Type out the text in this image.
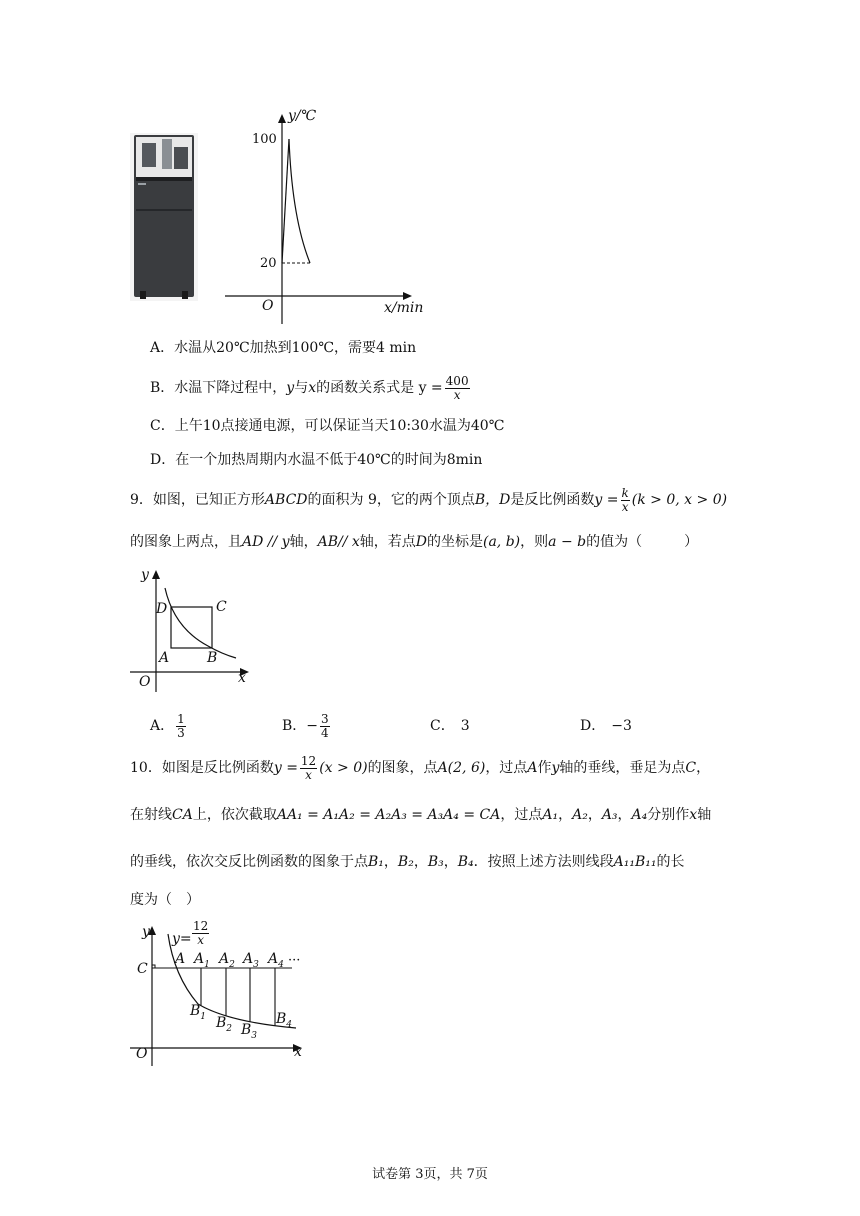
y/℃
100
20
O	x/min
A．水温从20℃加热到100℃，需要4 min
B． 水温下降过程中， y 与 x 的函数关系式是 $y = \frac{400}{x}$
C．上午10点接通电源，可以保证当天10:30水温为40℃
D．在一个加热周期内水温不低于40℃的时间为8min
9．如图，已知正方形 ABCD 的面积为 9，它的两个顶点 B，D 是反比例函数 $y = \frac{k}{x} (k > 0$, x > 0)
的图象上两点，且AD // y轴，AB// x轴，若点D的坐标是(a, b)，则a − b的值为（　　　）
y
D	C
A	B
O	x
A． $\frac{1}{3}$	B． − $\frac{3}{4}$	C． 3	D． −3
10．如图是反比例函数 $y = \frac{12}{x} (x > 0)$ 的图象，点 A(2, 6) ，过点 A 作 y 轴的垂线，垂足为点 C ，
在射线CA上，依次截取AA₁ = A₁A₂ = A₂A₃ = A₃A₄ = CA，过点A₁，A₂，A₃，A₄分别作x轴
的垂线，依次交反比例函数的图象于点B₁，B₂，B₃，B₄．按照上述方法则线段A₁₁B₁₁的长
度为（　）
y $y= \frac{12}{x}$
C
A $A_1$ $A_2$ $A_3$ $A_4$ ···
$B_1$ $B_2$ $B_3$
$B_4$
O	x
试卷第 3页，共 7页
